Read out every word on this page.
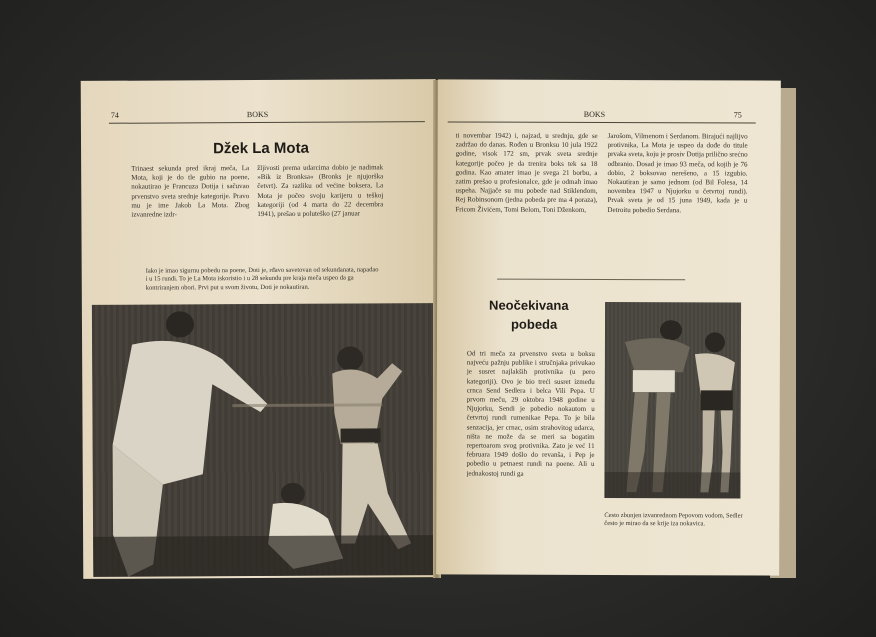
74	BOKS
Džek La Mota
Trinaest sekunda pred ikraj meča, La Mota, koji je do tle gubio na poene, nokautirao je Francuza Dotija i sačuvao prvenstvo sveta srednje kategorije. Pravo mu je ime Jakob La Mota. Zbog izvanredne izdr-
žljivosti prema udarcima dobio je nadimak »Bik iz Bronksa« (Bronks je njujorška četvrt). Za razliku od većine bokserа, La Mota je počeo svoju karijeru u teškoj kategoriji (od 4 marta do 22 decembra 1941), prešao u poluteško (27 januar
Iako je imao sigurnu pobedu na poene, Doti je, rđavo savetovan od sekundanata, napadao i u 15 rundi. To je La Mota iskoristio i u 28 sekundu pre kraja meča uspeo da ga kontriranjem obori. Prvi put u svom životu, Doti je nokautiran.
BOKS	75
ti novembar 1942) i, najzad, u srednju, gde se zadržao do danas. Rođen u Bronksu 10 jula 1922 godine, visok 172 sm, prvak sveta srednje kategorije počeo je da trenira boks tek sa 18 godina. Kao amater imao je svega 21 borbu, a zatim prešao u profesionalce, gde je odmah imao uspeha. Najjače su mu pobede nad Stiklendom, Rej Robinsonom (jedna pobeda pre ma 4 poraza), Fricom Živićem, Tomi Belom, Toni Dženkom,
Jarošom, Vilmenom i Serdanom. Birajući najlijvo protivnika, La Mota je uspeo da dođe do titule prvaka sveta, koju je prosiv Dotija prilično srećno odbranio. Dosad je imao 93 meča, od kojih je 76 dobio, 2 boksovao nerešeno, a 15 izgubio. Nokautiran je samo jednom (od Bil Folesa, 14 novembra 1947 u Njujorku u četvrtoj rundi). Prvak sveta je od 15 juna 1949, kada je u Detroitu pobedio Serdana.
Neočekivana
pobeda
Od tri meča za prvenstvo sveta u boksu najveću pažnju publike i stručnjaka privukao je susret najlakših protivnika (u pero kategoriji). Ovo je bio treći susret između crnca Send Sedlera i belca Vili Pepa. U prvom meču, 29 oktobra 1948 godine u Njujorku, Sendi je pobedio nokautom u četvrtoj rundi rumenikae Pepa. To je bila senzacija, jer crnac, osim strahovitog udarca, ništa ne može da se meri sa bogatim repertoarom svog protivnika. Zato je već 11 februara 1949 došlo do revanša, i Pep je pobedio u petnaest rundi na poene. Ali u jednakostoj rundi ga
Često zbunjen izvanrednom Pepovom vodom, Sedler često je mirao da se krije iza nokavica.
